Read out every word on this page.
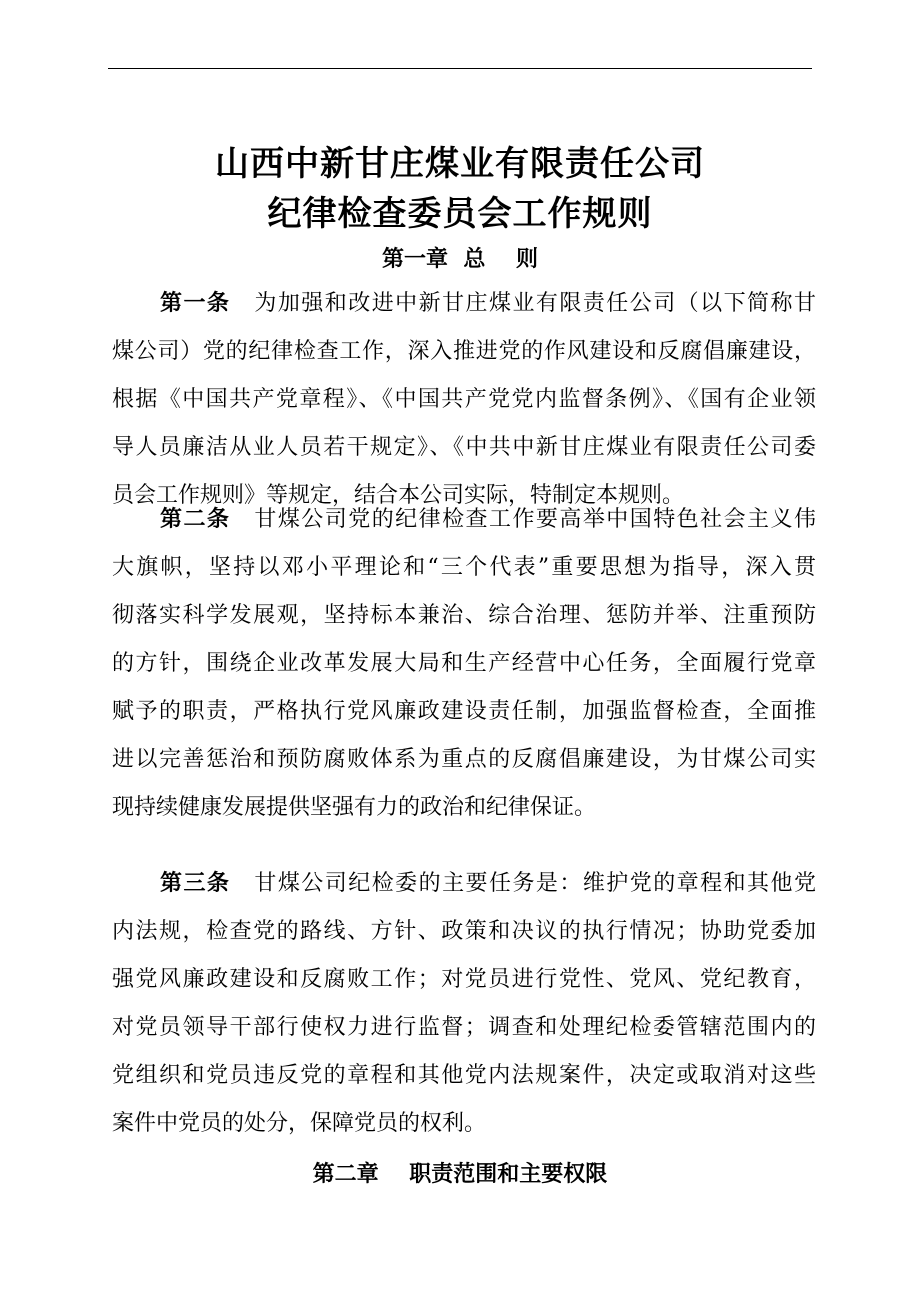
山西中新甘庄煤业有限责任公司
纪律检查委员会工作规则
第一章  总    则
第一条 为加强和改进中新甘庄煤业有限责任公司（以下简称甘
煤公司）党的纪律检查工作，深入推进党的作风建设和反腐倡廉建设，
根据《中国共产党章程》、《中国共产党党内监督条例》、《国有企业领
导人员廉洁从业人员若干规定》、《中共中新甘庄煤业有限责任公司委
员会工作规则》等规定，结合本公司实际，特制定本规则。
第二条 甘煤公司党的纪律检查工作要高举中国特色社会主义伟
大旗帜，坚持以邓小平理论和“三个代表”重要思想为指导，深入贯
彻落实科学发展观，坚持标本兼治、综合治理、惩防并举、注重预防
的方针，围绕企业改革发展大局和生产经营中心任务，全面履行党章
赋予的职责，严格执行党风廉政建设责任制，加强监督检查，全面推
进以完善惩治和预防腐败体系为重点的反腐倡廉建设，为甘煤公司实
现持续健康发展提供坚强有力的政治和纪律保证。
第三条 甘煤公司纪检委的主要任务是：维护党的章程和其他党
内法规，检查党的路线、方针、政策和决议的执行情况；协助党委加
强党风廉政建设和反腐败工作；对党员进行党性、党风、党纪教育，
对党员领导干部行使权力进行监督；调查和处理纪检委管辖范围内的
党组织和党员违反党的章程和其他党内法规案件，决定或取消对这些
案件中党员的处分，保障党员的权利。
第二章    职责范围和主要权限
